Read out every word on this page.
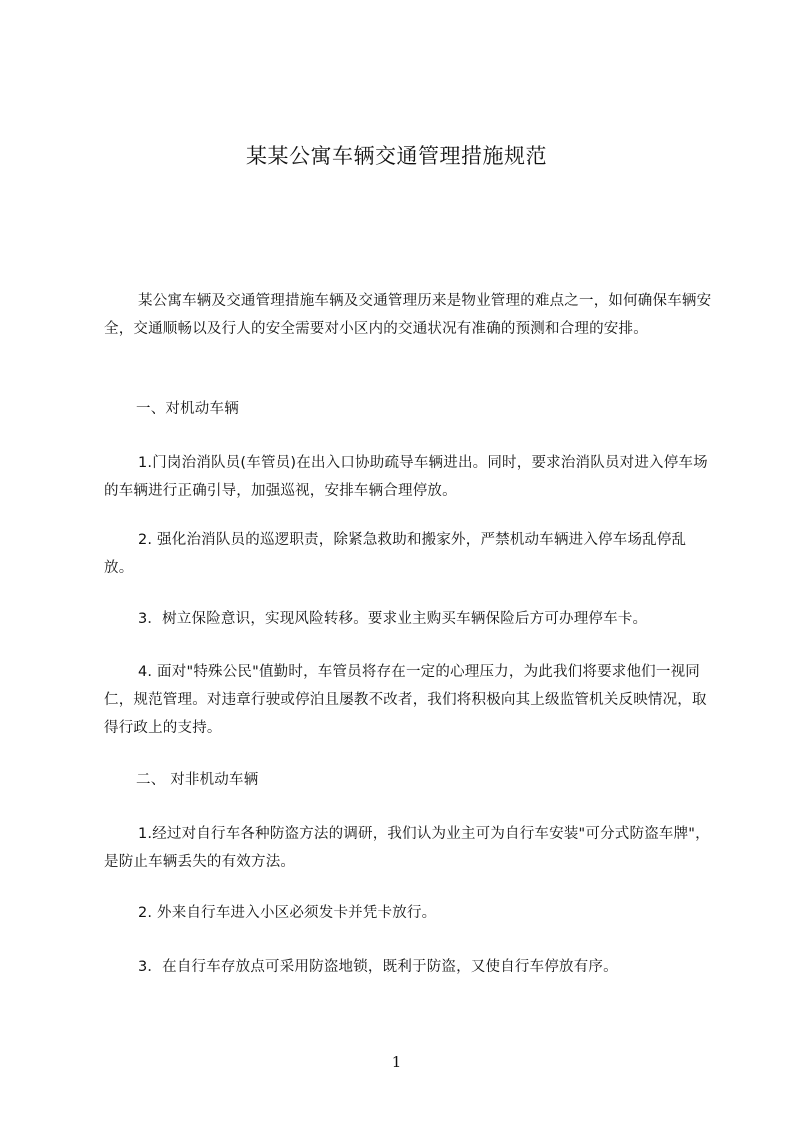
某某公寓车辆交通管理措施规范
某公寓车辆及交通管理措施车辆及交通管理历来是物业管理的难点之一，如何确保车辆安全，交通顺畅以及行人的安全需要对小区内的交通状况有准确的预测和合理的安排。
一、对机动车辆
1.门岗治消队员(车管员)在出入口协助疏导车辆进出。同时，要求治消队员对进入停车场的车辆进行正确引导，加强巡视，安排车辆合理停放。
2. 强化治消队员的巡逻职责，除紧急救助和搬家外，严禁机动车辆进入停车场乱停乱放。
3．树立保险意识，实现风险转移。要求业主购买车辆保险后方可办理停车卡。
4. 面对"特殊公民"值勤时，车管员将存在一定的心理压力，为此我们将要求他们一视同仁，规范管理。对违章行驶或停泊且屡教不改者，我们将积极向其上级监管机关反映情况，取得行政上的支持。
二、 对非机动车辆
1.经过对自行车各种防盗方法的调研，我们认为业主可为自行车安装"可分式防盗车牌"，是防止车辆丢失的有效方法。
2. 外来自行车进入小区必须发卡并凭卡放行。
3．在自行车存放点可采用防盗地锁，既利于防盗，又使自行车停放有序。
1
